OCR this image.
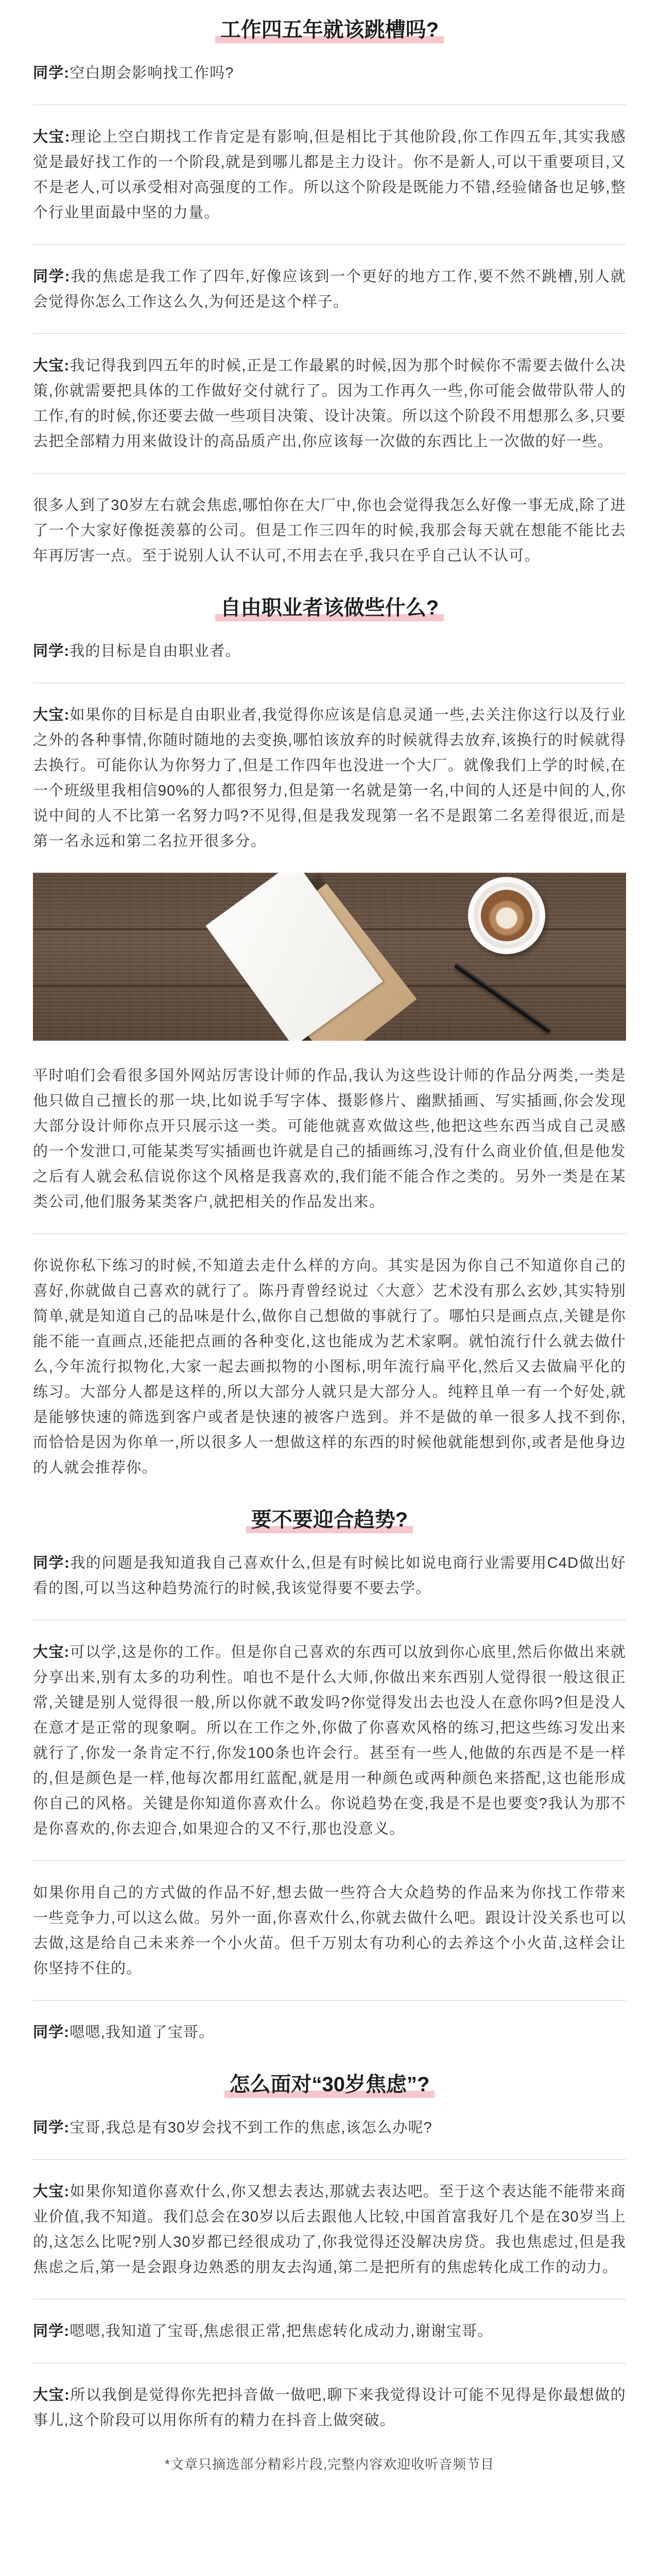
工作四五年就该跳槽吗?

同学:空白期会影响找工作吗?

大宝:理论上空白期找工作肯定是有影响,但是相比于其他阶段,你工作四五年,其实我感觉是最好找工作的一个阶段,就是到哪儿都是主力设计。你不是新人,可以干重要项目,又不是老人,可以承受相对高强度的工作。所以这个阶段是既能力不错,经验储备也足够,整个行业里面最中坚的力量。

同学:我的焦虑是我工作了四年,好像应该到一个更好的地方工作,要不然不跳槽,别人就会觉得你怎么工作这么久,为何还是这个样子。

大宝:我记得我到四五年的时候,正是工作最累的时候,因为那个时候你不需要去做什么决策,你就需要把具体的工作做好交付就行了。因为工作再久一些,你可能会做带队带人的工作,有的时候,你还要去做一些项目决策、设计决策。所以这个阶段不用想那么多,只要去把全部精力用来做设计的高品质产出,你应该每一次做的东西比上一次做的好一些。

很多人到了30岁左右就会焦虑,哪怕你在大厂中,你也会觉得我怎么好像一事无成,除了进了一个大家好像挺羡慕的公司。但是工作三四年的时候,我那会每天就在想能不能比去年再厉害一点。至于说别人认不认可,不用去在乎,我只在乎自己认不认可。

自由职业者该做些什么?

同学:我的目标是自由职业者。

大宝:如果你的目标是自由职业者,我觉得你应该是信息灵通一些,去关注你这行以及行业之外的各种事情,你随时随地的去变换,哪怕该放弃的时候就得去放弃,该换行的时候就得去换行。可能你认为你努力了,但是工作四年也没进一个大厂。就像我们上学的时候,在一个班级里我相信90%的人都很努力,但是第一名就是第一名,中间的人还是中间的人,你说中间的人不比第一名努力吗?不见得,但是我发现第一名不是跟第二名差得很近,而是第一名永远和第二名拉开很多分。

平时咱们会看很多国外网站厉害设计师的作品,我认为这些设计师的作品分两类,一类是他只做自己擅长的那一块,比如说手写字体、摄影修片、幽默插画、写实插画,你会发现大部分设计师你点开只展示这一类。可能他就喜欢做这些,他把这些东西当成自己灵感的一个发泄口,可能某类写实插画也许就是自己的插画练习,没有什么商业价值,但是他发之后有人就会私信说你这个风格是我喜欢的,我们能不能合作之类的。另外一类是在某类公司,他们服务某类客户,就把相关的作品发出来。

你说你私下练习的时候,不知道去走什么样的方向。其实是因为你自己不知道你自己的喜好,你就做自己喜欢的就行了。陈丹青曾经说过〈大意〉艺术没有那么玄妙,其实特别简单,就是知道自己的品味是什么,做你自己想做的事就行了。哪怕只是画点点,关键是你能不能一直画点,还能把点画的各种变化,这也能成为艺术家啊。就怕流行什么就去做什么,今年流行拟物化,大家一起去画拟物的小图标,明年流行扁平化,然后又去做扁平化的练习。大部分人都是这样的,所以大部分人就只是大部分人。纯粹且单一有一个好处,就是能够快速的筛选到客户或者是快速的被客户选到。并不是做的单一很多人找不到你,而恰恰是因为你单一,所以很多人一想做这样的东西的时候他就能想到你,或者是他身边的人就会推荐你。

要不要迎合趋势?

同学:我的问题是我知道我自己喜欢什么,但是有时候比如说电商行业需要用C4D做出好看的图,可以当这种趋势流行的时候,我该觉得要不要去学。

大宝:可以学,这是你的工作。但是你自己喜欢的东西可以放到你心底里,然后你做出来就分享出来,别有太多的功利性。咱也不是什么大师,你做出来东西别人觉得很一般这很正常,关键是别人觉得很一般,所以你就不敢发吗?你觉得发出去也没人在意你吗?但是没人在意才是正常的现象啊。所以在工作之外,你做了你喜欢风格的练习,把这些练习发出来就行了,你发一条肯定不行,你发100条也许会行。甚至有一些人,他做的东西是不是一样的,但是颜色是一样,他每次都用红蓝配,就是用一种颜色或两种颜色来搭配,这也能形成你自己的风格。关键是你知道你喜欢什么。你说趋势在变,我是不是也要变?我认为那不是你喜欢的,你去迎合,如果迎合的又不行,那也没意义。

如果你用自己的方式做的作品不好,想去做一些符合大众趋势的作品来为你找工作带来一些竞争力,可以这么做。另外一面,你喜欢什么,你就去做什么吧。跟设计没关系也可以去做,这是给自己未来养一个小火苗。但千万别太有功利心的去养这个小火苗,这样会让你坚持不住的。

同学:嗯嗯,我知道了宝哥。

怎么面对“30岁焦虑”?

同学:宝哥,我总是有30岁会找不到工作的焦虑,该怎么办呢?

大宝:如果你知道你喜欢什么,你又想去表达,那就去表达吧。至于这个表达能不能带来商业价值,我不知道。我们总会在30岁以后去跟他人比较,中国首富我好几个是在30岁当上的,这怎么比呢?别人30岁都已经很成功了,你我觉得还没解决房贷。我也焦虑过,但是我焦虑之后,第一是会跟身边熟悉的朋友去沟通,第二是把所有的焦虑转化成工作的动力。

同学:嗯嗯,我知道了宝哥,焦虑很正常,把焦虑转化成动力,谢谢宝哥。

大宝:所以我倒是觉得你先把抖音做一做吧,聊下来我觉得设计可能不见得是你最想做的事儿,这个阶段可以用你所有的精力在抖音上做突破。

*文章只摘选部分精彩片段,完整内容欢迎收听音频节目
